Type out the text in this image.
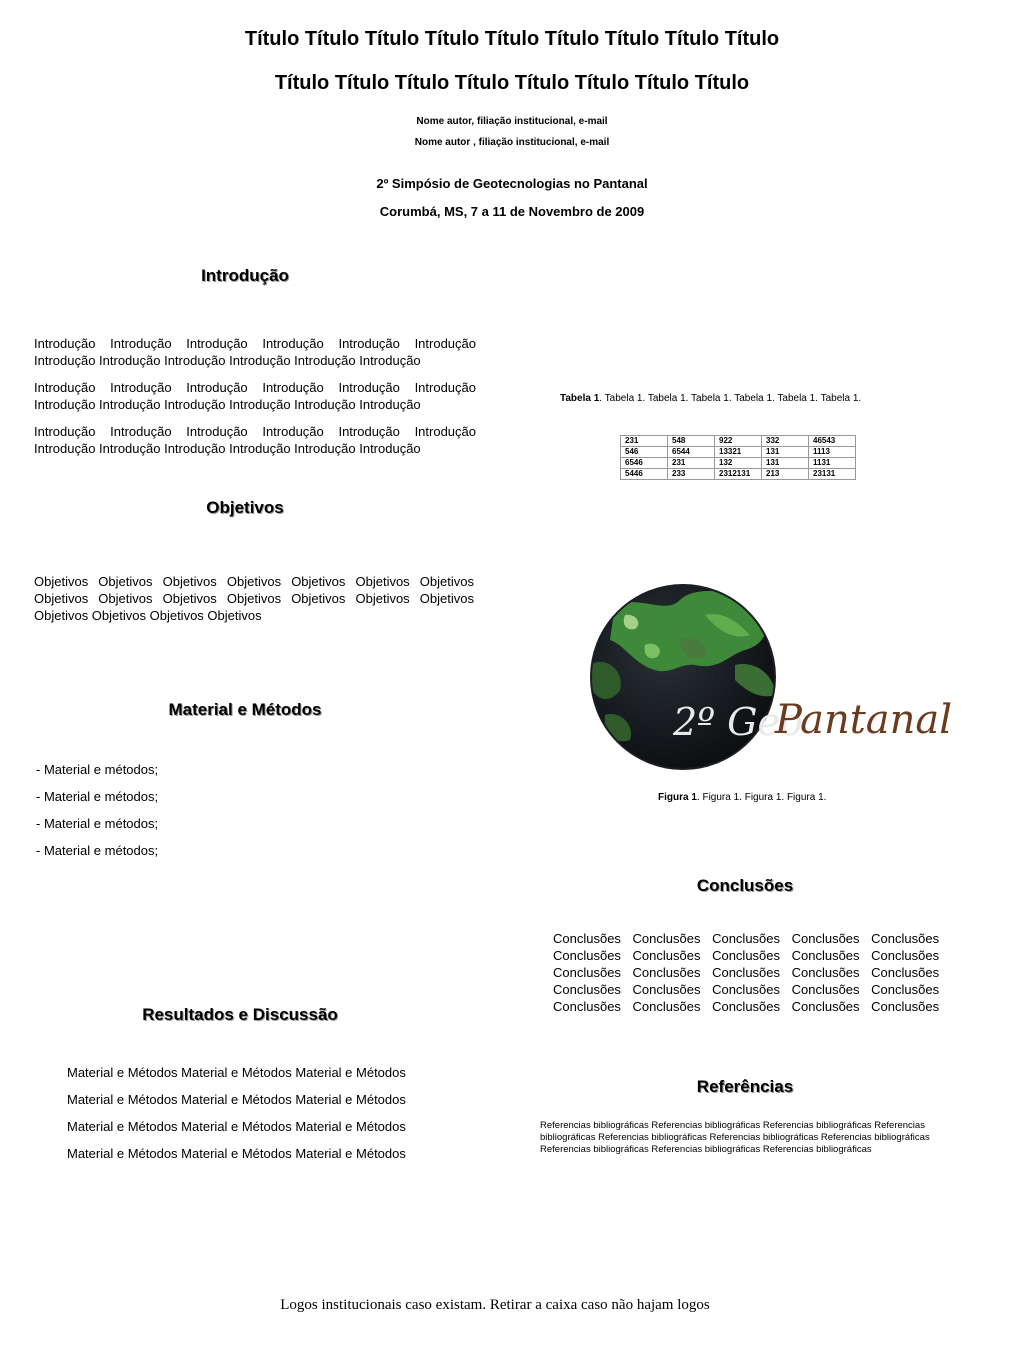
Título Título Título Título Título Título Título Título Título
Título Título Título Título Título Título Título Título
Nome autor, filiação institucional, e-mail
Nome autor , filiação institucional, e-mail
2º Simpósio de Geotecnologias no Pantanal
Corumbá, MS, 7 a 11 de Novembro de 2009
Introdução

Introdução Introdução Introdução Introdução Introdução Introdução Introdução Introdução Introdução Introdução Introdução Introdução

Introdução Introdução Introdução Introdução Introdução Introdução Introdução Introdução Introdução Introdução Introdução Introdução

Introdução Introdução Introdução Introdução Introdução Introdução Introdução Introdução Introdução Introdução Introdução Introdução

Objetivos
Objetivos Objetivos Objetivos Objetivos Objetivos Objetivos Objetivos Objetivos Objetivos Objetivos Objetivos Objetivos Objetivos Objetivos Objetivos Objetivos Objetivos Objetivos
Material e Métodos
- Material e métodos;
- Material e métodos;
- Material e métodos;
- Material e métodos;
Resultados e Discussão
Material e Métodos Material e Métodos Material e Métodos
Material e Métodos Material e Métodos Material e Métodos
Material e Métodos Material e Métodos Material e Métodos
Material e Métodos Material e Métodos Material e Métodos
Tabela 1. Tabela 1. Tabela 1. Tabela 1. Tabela 1. Tabela 1. Tabela 1.
231	548	922	332	46543
546	6544	13321	131	1113
6546	231	132	131	1131
5446	233	2312131	213	23131
2º Geo
Pantanal
Figura 1. Figura 1. Figura 1. Figura 1.
Conclusões
Conclusões Conclusões Conclusões Conclusões Conclusões Conclusões Conclusões Conclusões Conclusões Conclusões Conclusões Conclusões Conclusões Conclusões Conclusões Conclusões Conclusões Conclusões Conclusões Conclusões Conclusões Conclusões Conclusões Conclusões Conclusões
Referências
Referencias bibliográficas Referencias bibliográficas Referencias bibliográficas Referencias bibliográficas Referencias bibliográficas Referencias bibliográficas Referencias bibliográficas Referencias bibliográficas Referencias bibliográficas Referencias bibliográficas
Logos institucionais caso existam. Retirar a caixa caso não hajam logos
